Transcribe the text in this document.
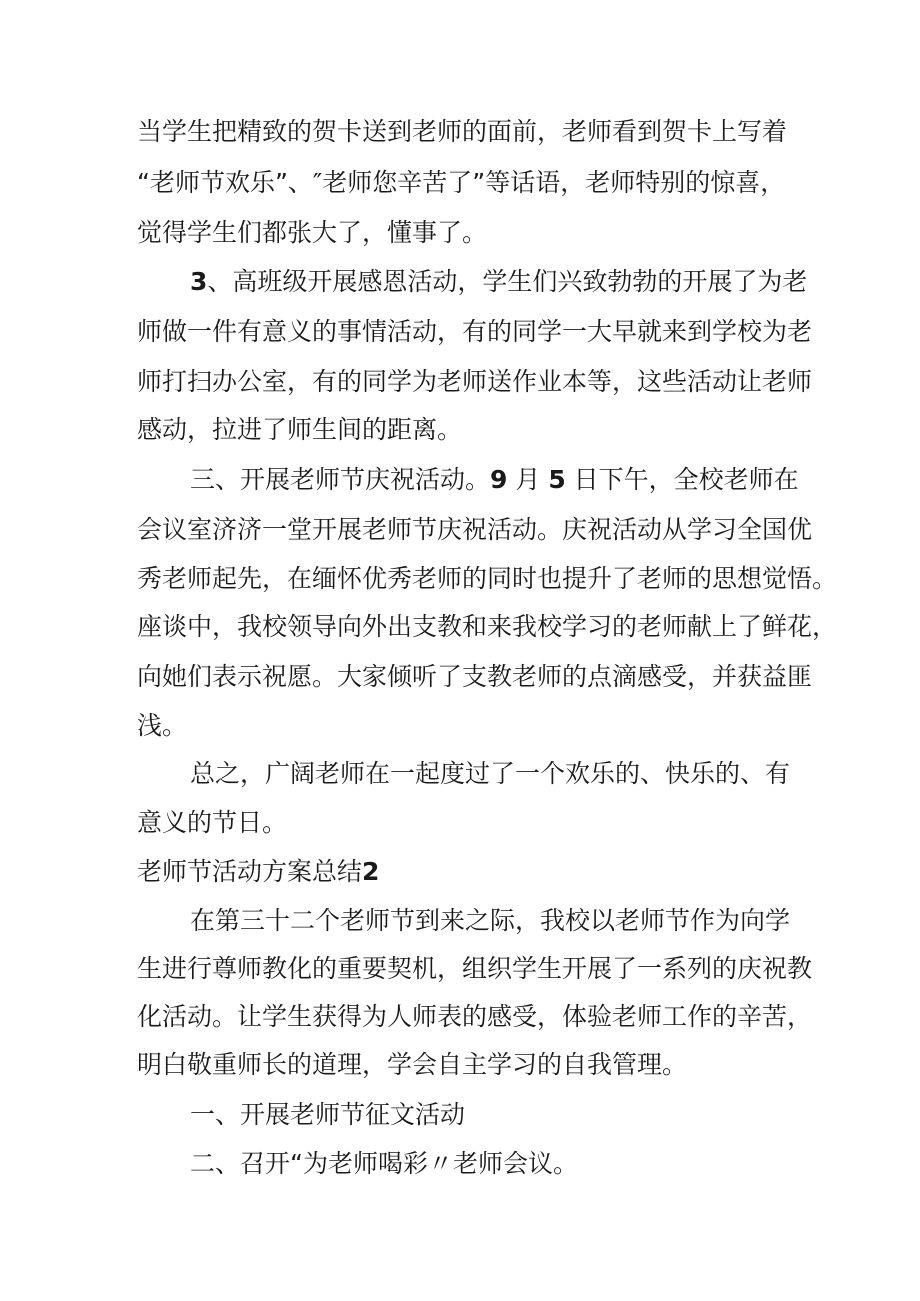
当学生把精致的贺卡送到老师的面前，老师看到贺卡上写着
“老师节欢乐”、″老师您辛苦了”等话语，老师特别的惊喜，
觉得学生们都张大了，懂事了。
3、高班级开展感恩活动，学生们兴致勃勃的开展了为老
师做一件有意义的事情活动，有的同学一大早就来到学校为老
师打扫办公室，有的同学为老师送作业本等，这些活动让老师
感动，拉进了师生间的距离。
三、开展老师节庆祝活动。9 月 5 日下午，全校老师在
会议室济济一堂开展老师节庆祝活动。庆祝活动从学习全国优
秀老师起先，在缅怀优秀老师的同时也提升了老师的思想觉悟。
座谈中，我校领导向外出支教和来我校学习的老师献上了鲜花，
向她们表示祝愿。大家倾听了支教老师的点滴感受，并获益匪
浅。
总之，广阔老师在一起度过了一个欢乐的、快乐的、有
意义的节日。
老师节活动方案总结2
在第三十二个老师节到来之际，我校以老师节作为向学
生进行尊师教化的重要契机，组织学生开展了一系列的庆祝教
化活动。让学生获得为人师表的感受，体验老师工作的辛苦，
明白敬重师长的道理，学会自主学习的自我管理。
一、开展老师节征文活动
二、召开“为老师喝彩〃老师会议。
